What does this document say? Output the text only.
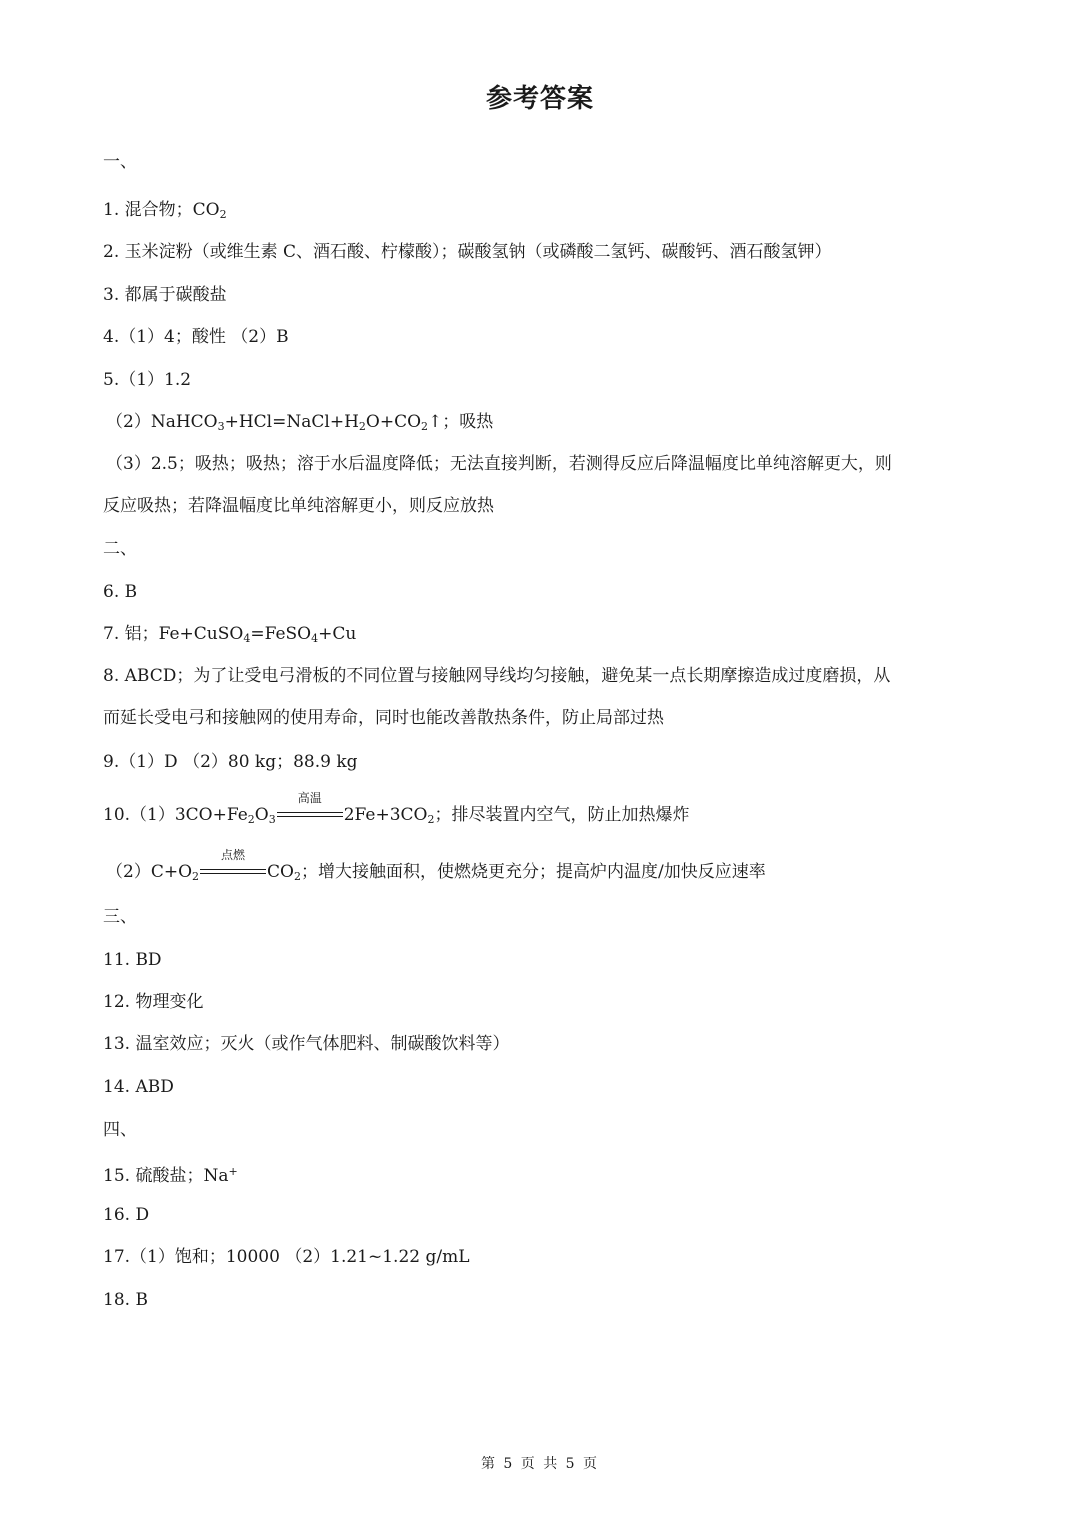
参考答案
一、
1. 混合物；$CO_2$
2. 玉米淀粉（或维生素 C、酒石酸、柠檬酸）；碳酸氢钠（或磷酸二氢钙、碳酸钙、酒石酸氢钾）
3. 都属于碳酸盐
4.（1）4；酸性 （2）B
5.（1）1.2
$(2)NaHCO_3+HCl=NaCl+H_2O+CO_2↑$；吸热
（3）2.5；吸热；吸热；溶于水后温度降低；无法直接判断，若测得反应后降温幅度比单纯溶解更大，则
反应吸热；若降温幅度比单纯溶解更小，则反应放热
二、
6. B
7. 铝；Fe+CuSO$_4$=FeSO$_4$+Cu
8. ABCD；为了让受电弓滑板的不同位置与接触网导线均匀接触，避免某一点长期摩擦造成过度磨损，从
而延长受电弓和接触网的使用寿命，同时也能改善散热条件，防止局部过热
9.（1）D （2）80 kg；88.9 kg
$10.(1)3CO+Fe_2O_3$
高温
$2Fe+3CO_2$；排尽装置内空气，防止加热爆炸
$(2)C+O_2$
点燃
$CO_2$；增大接触面积，使燃烧更充分；提高炉内温度/加快反应速率
三、
11. BD
12. 物理变化
13. 温室效应；灭火（或作气体肥料、制碳酸饮料等）
14. ABD
四、
15. 硫酸盐；Na+
16. D
17.（1）饱和；10000 （2）1.21~1.22 g/mL
18. B
第 5 页 共 5 页
